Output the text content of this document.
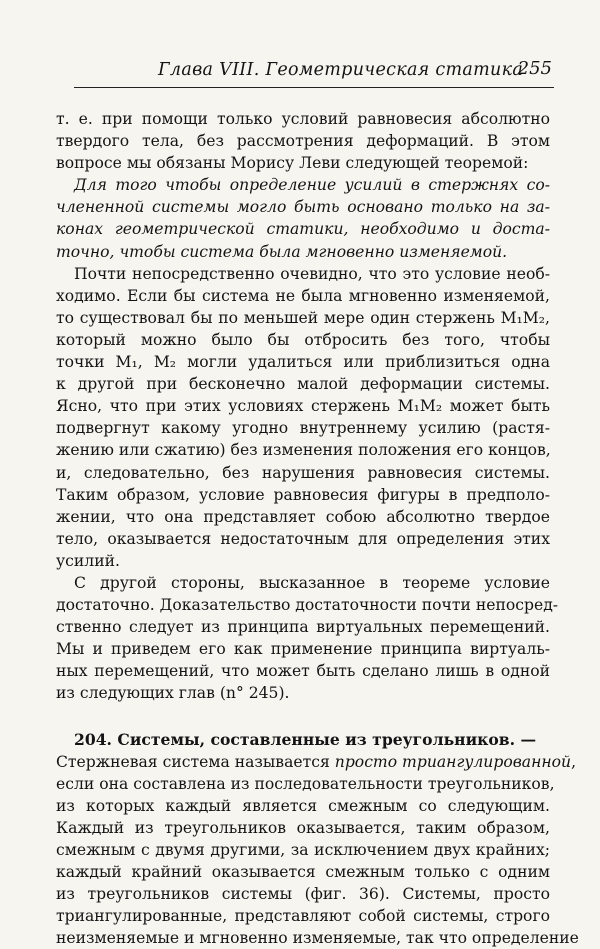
Глава VIII. Геометрическая статика
255

т. е. при помощи только условий равновесия абсолютно
твердого тела, без рассмотрения деформаций. В этом
вопросе мы обязаны Морису Леви следующей теоремой:

Для того чтобы определение усилий в стержнях со-
члененной системы могло быть основано только на за-
конах геометрической статики, необходимо и доста-
точно, чтобы система была мгновенно изменяемой.

Почти непосредственно очевидно, что это условие необ-
ходимо. Если бы система не была мгновенно изменяемой,
то существовал бы по меньшей мере один стержень M₁M₂,
который можно было бы отбросить без того, чтобы
точки M₁, M₂ могли удалиться или приблизиться одна
к другой при бесконечно малой деформации системы.
Ясно, что при этих условиях стержень M₁M₂ может быть
подвергнут какому угодно внутреннему усилию (растя-
жению или сжатию) без изменения положения его концов,
и, следовательно, без нарушения равновесия системы.
Таким образом, условие равновесия фигуры в предполо-
жении, что она представляет собою абсолютно твердое
тело, оказывается недостаточным для определения этих
усилий.

С другой стороны, высказанное в теореме условие
достаточно. Доказательство достаточности почти непосред-
ственно следует из принципа виртуальных перемещений.
Мы и приведем его как применение принципа виртуаль-
ных перемещений, что может быть сделано лишь в одной
из следующих глав (n° 245).

204. Системы, составленные из треугольников. —
Стержневая система называется просто триангулированной,
если она составлена из последовательности треугольников,
из которых каждый является смежным со следующим.
Каждый из треугольников оказывается, таким образом,
смежным с двумя другими, за исключением двух крайних;
каждый крайний оказывается смежным только с одним
из треугольников системы (фиг. 36). Системы, просто
триангулированные, представляют собой системы, строго
неизменяемые и мгновенно изменяемые, так что определение
